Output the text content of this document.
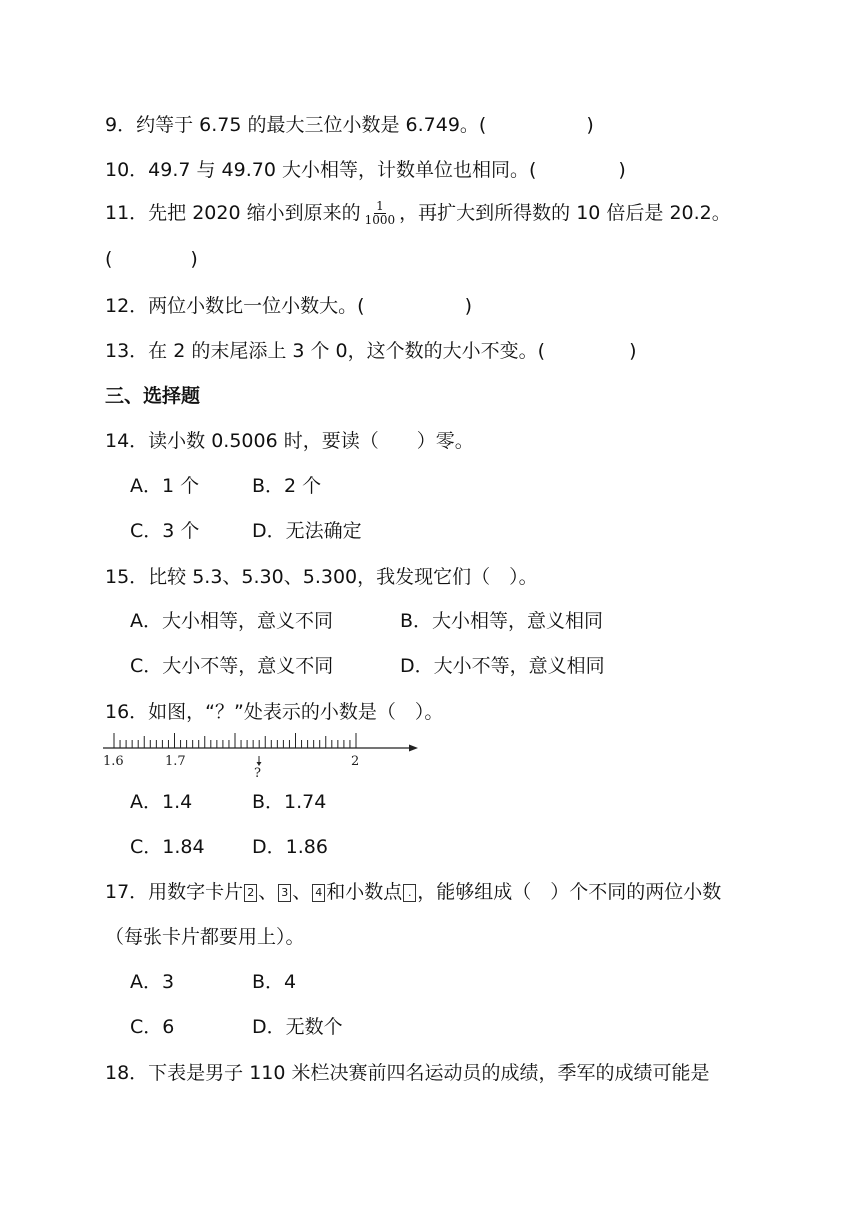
9．约等于 6.75 的最大三位小数是 6.749。(	)
10．49.7 与 49.70 大小相等，计数单位也相同。(	)
11．先把 2020 缩小到原来的 $\frac{1}{1000}$ ，再扩大到所得数的 10 倍后是 20.2。
(	)
12．两位小数比一位小数大。(	)
13．在 2 的末尾添上 3 个 0，这个数的大小不变。(	)
三、选择题
14．读小数 0.5006 时，要读（　　）零。
A．1 个	B．2 个
C．3 个	D．无法确定
15．比较 5.3、5.30、5.300，我发现它们（　）。
A．大小相等，意义不同	B．大小相等，意义相同
C．大小不等，意义不同	D．大小不等，意义相同
16．如图，“？”处表示的小数是（　）。
1.6	1.7	2
?
A．1.4	B．1.74
C．1.84 D．1.86
17．用数字卡片 2 、 3 、 4 和小数点 . ，能够组成（　）个不同的两位小数
（每张卡片都要用上）。
A．3	B．4
C．6	D．无数个
18．下表是男子 110 米栏决赛前四名运动员的成绩，季军的成绩可能是
